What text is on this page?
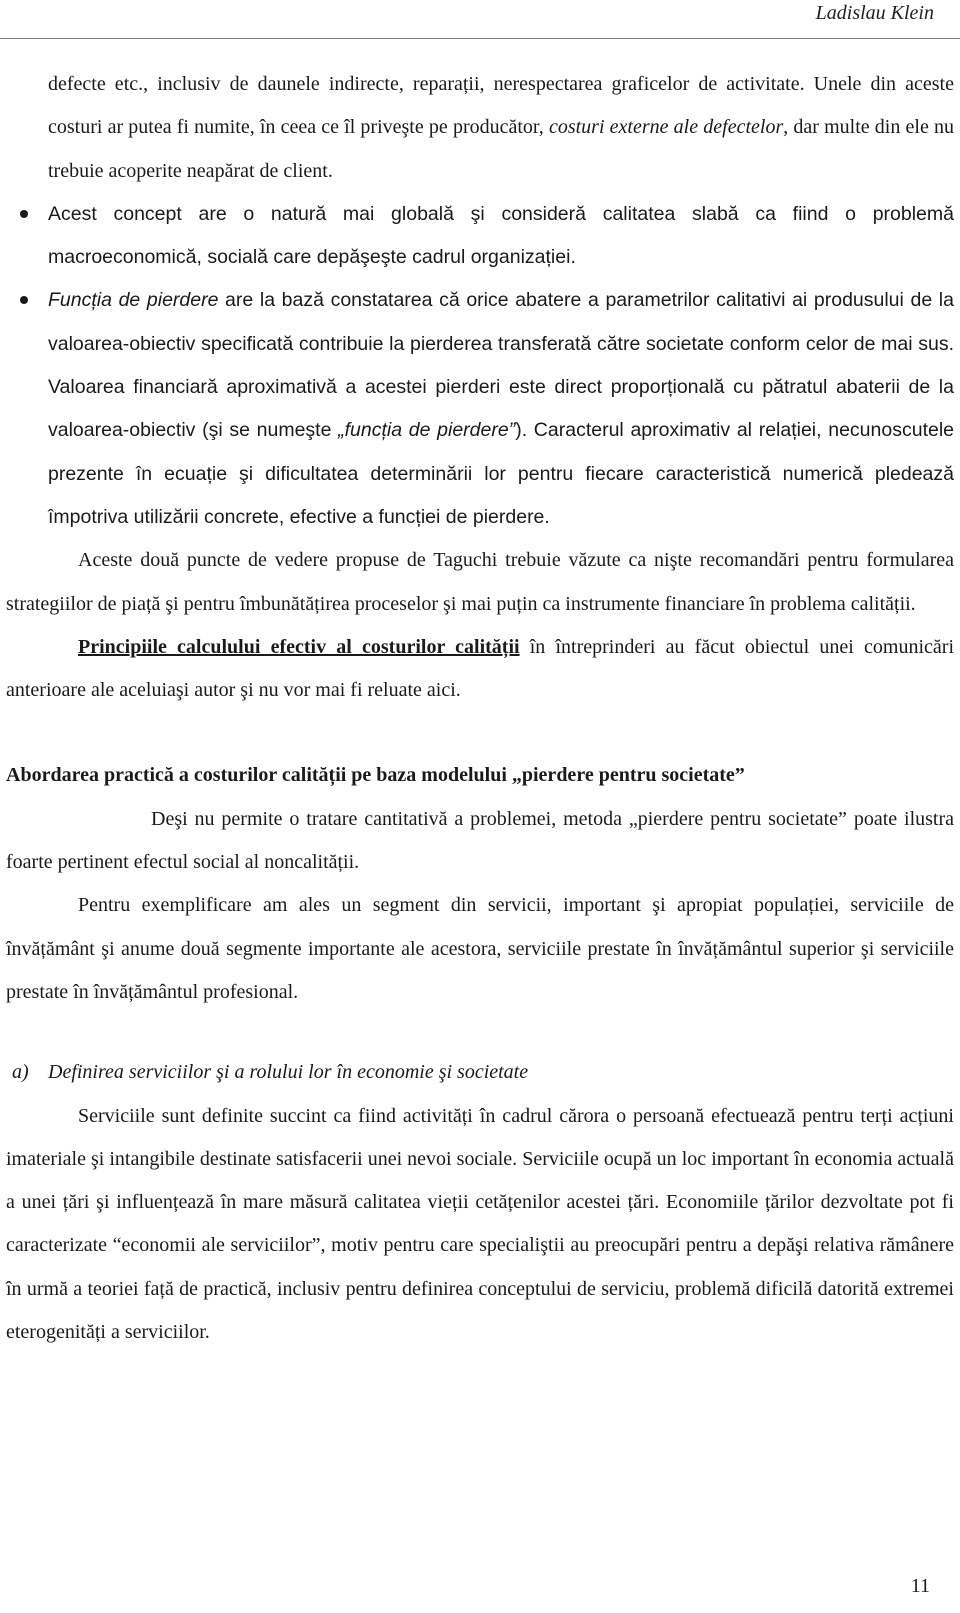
Ladislau Klein

defecte etc., inclusiv de daunele indirecte, reparații, nerespectarea graficelor de activitate. Unele din aceste costuri ar putea fi numite, în ceea ce îl priveşte pe producător, costuri externe ale defectelor, dar multe din ele nu trebuie acoperite neapărat de client.

Acest concept are o natură mai globală şi consideră calitatea slabă ca fiind o problemă macroeconomică, socială care depăşeşte cadrul organizației.

Funcția de pierdere are la bază constatarea că orice abatere a parametrilor calitativi ai produsului de la valoarea-obiectiv specificată contribuie la pierderea transferată către societate conform celor de mai sus. Valoarea financiară aproximativă a acestei pierderi este direct proporțională cu pătratul abaterii de la valoarea-obiectiv (şi se numeşte „funcția de pierdere”). Caracterul aproximativ al relației, necunoscutele prezente în ecuație şi dificultatea determinării lor pentru fiecare caracteristică numerică pledează împotriva utilizării concrete, efective a funcției de pierdere.

Aceste două puncte de vedere propuse de Taguchi trebuie văzute ca nişte recomandări pentru formularea strategiilor de piață şi pentru îmbunătățirea proceselor şi mai puțin ca instrumente financiare în problema calității.

Principiile calculului efectiv al costurilor calității în întreprinderi au făcut obiectul unei comunicări anterioare ale aceluiaşi autor şi nu vor mai fi reluate aici.

Abordarea practică a costurilor calității pe baza modelului „pierdere pentru societate”

Deşi nu permite o tratare cantitativă a problemei, metoda „pierdere pentru societate” poate ilustra foarte pertinent efectul social al noncalității.

Pentru exemplificare am ales un segment din servicii, important şi apropiat populației, serviciile de învățământ şi anume două segmente importante ale acestora, serviciile prestate în învățământul superior şi serviciile prestate în învățământul profesional.

a) Definirea serviciilor şi a rolului lor în economie şi societate

Serviciile sunt definite succint ca fiind activități în cadrul cărora o persoană efectuează pentru terți acțiuni imateriale şi intangibile destinate satisfacerii unei nevoi sociale. Serviciile ocupă un loc important în economia actuală a unei țări şi influențează în mare măsură calitatea vieții cetățenilor acestei țări. Economiile țărilor dezvoltate pot fi caracterizate “economii ale serviciilor”, motiv pentru care specialiştii au preocupări pentru a depăşi relativa rămânere în urmă a teoriei față de practică, inclusiv pentru definirea conceptului de serviciu, problemă dificilă datorită extremei eterogenități a serviciilor.

11
